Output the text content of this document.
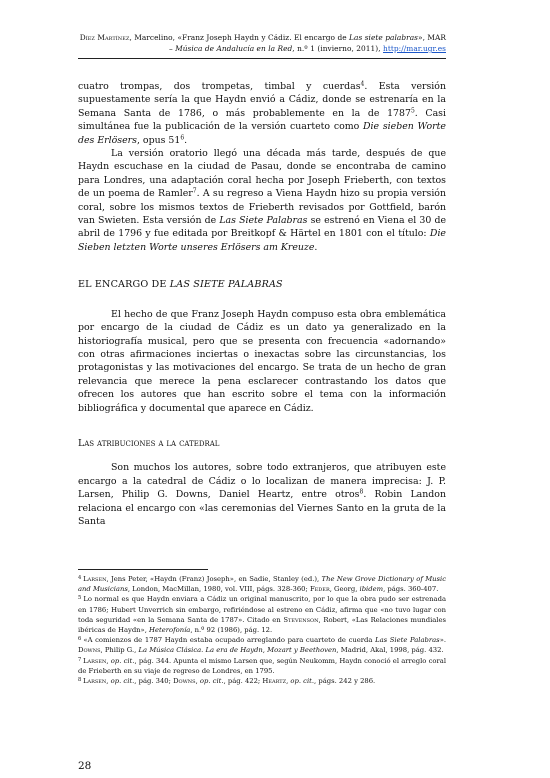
Díez Martínez, Marcelino, «Franz Joseph Haydn y Cádiz. El encargo de Las siete palabras», MAR
– Música de Andalucía en la Red, n.º 1 (invierno, 2011), http://mar.ugr.es

cuatro trompas, dos trompetas, timbal y cuerdas$^4$. Esta versión supuestamente sería la que Haydn envió a Cádiz, donde se estrenaría en la Semana Santa de 1786, o más probablemente en la de 1787$^5$. Casi simultánea fue la publicación de la versión cuarteto como Die sieben Worte des Erlösers, opus $51^6$.

La versión oratorio llegó una década más tarde, después de que Haydn escuchase en la ciudad de Pasau, donde se encontraba de camino para Londres, una adaptación coral hecha por Joseph Frieberth, con textos de un poema de Ramler$^7$. A su regreso a Viena Haydn hizo su propia versión coral, sobre los mismos textos de Frieberth revisados por Gottfield, barón van Swieten. Esta versión de Las Siete Palabras se estrenó en Viena el 30 de abril de 1796 y fue editada por Breitkopf & Härtel en 1801 con el título: Die Sieben letzten Worte unseres Erlösers am Kreuze.

EL ENCARGO DE LAS SIETE PALABRAS

El hecho de que Franz Joseph Haydn compuso esta obra emblemática por encargo de la ciudad de Cádiz es un dato ya generalizado en la historiografía musical, pero que se presenta con frecuencia «adornando» con otras afirmaciones inciertas o inexactas sobre las circunstancias, los protagonistas y las motivaciones del encargo. Se trata de un hecho de gran relevancia que merece la pena esclarecer contrastando los datos que ofrecen los autores que han escrito sobre el tema con la información bibliográfica y documental que aparece en Cádiz.

Las atribuciones a la catedral

Son muchos los autores, sobre todo extranjeros, que atribuyen este encargo a la catedral de Cádiz o lo localizan de manera imprecisa: J. P. Larsen, Philip G. Downs, Daniel Heartz, entre otros$^8$. Robin Landon relaciona el encargo con «las ceremonias del Viernes Santo en la gruta de la Santa

$^4$ Larsen, Jens Peter, «Haydn (Franz) Joseph», en Sadie, Stanley (ed.), The New Grove Dictionary of Music and Musicians, London, MacMillan, 1980, vol. VIII, págs. 328-360; Feder, Georg, ibidem, págs. 360-407.

$^5$ Lo normal es que Haydn enviara a Cádiz un original manuscrito, por lo que la obra pudo ser estrenada en 1786; Hubert Unverrich sin embargo, refiriéndose al estreno en Cádiz, afirma que «no tuvo lugar con toda seguridad «en la Semana Santa de 1787». Citado en Stevenson, Robert, «Las Relaciones mundiales ibéricas de Haydn», Heterofonía, n.º 92 (1986), pág. 12.

$^6$ «A comienzos de 1787 Haydn estaba ocupado arreglando para cuarteto de cuerda Las Siete Palabras». Downs, Philip G., La Música Clásica. La era de Haydn, Mozart y Beethoven, Madrid, Akal, 1998, pág. 432.

$^7$ Larsen, op. cit., pág. 344. Apunta el mismo Larsen que, según Neukomm, Haydn conoció el arreglo coral de Frieberth en su viaje de regreso de Londres, en 1795.

$^8$ Larsen, op. cit., pág. 340; Downs, op. cit., pág. 422; Heartz, op. cit., págs. 242 y 286.

28
